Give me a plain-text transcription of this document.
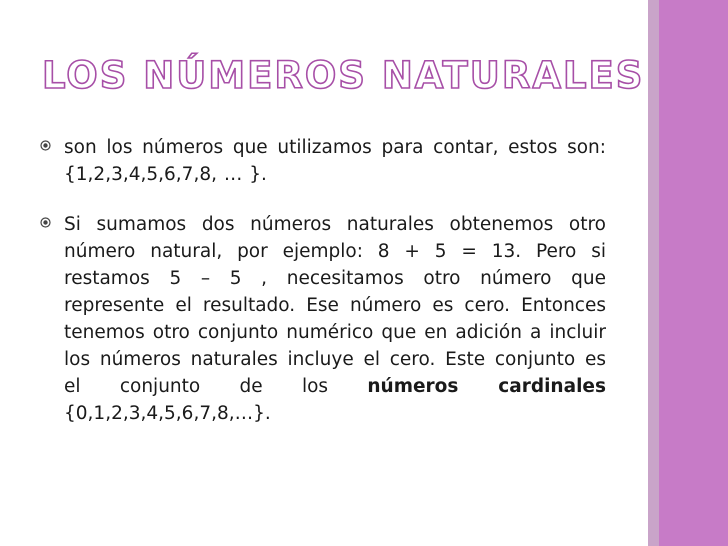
LOS NÚMEROS NATURALES
son los números que utilizamos para contar, estos son: {1,2,3,4,5,6,7,8, … }.
Si sumamos dos números naturales obtenemos otro número natural, por ejemplo: 8 + 5 = 13. Pero si restamos 5 – 5 , necesitamos otro número que represente el resultado. Ese número es cero. Entonces tenemos otro conjunto numérico que en adición a incluir los números naturales incluye el cero. Este conjunto es el conjunto de los números cardinales {0,1,2,3,4,5,6,7,8,…}.
